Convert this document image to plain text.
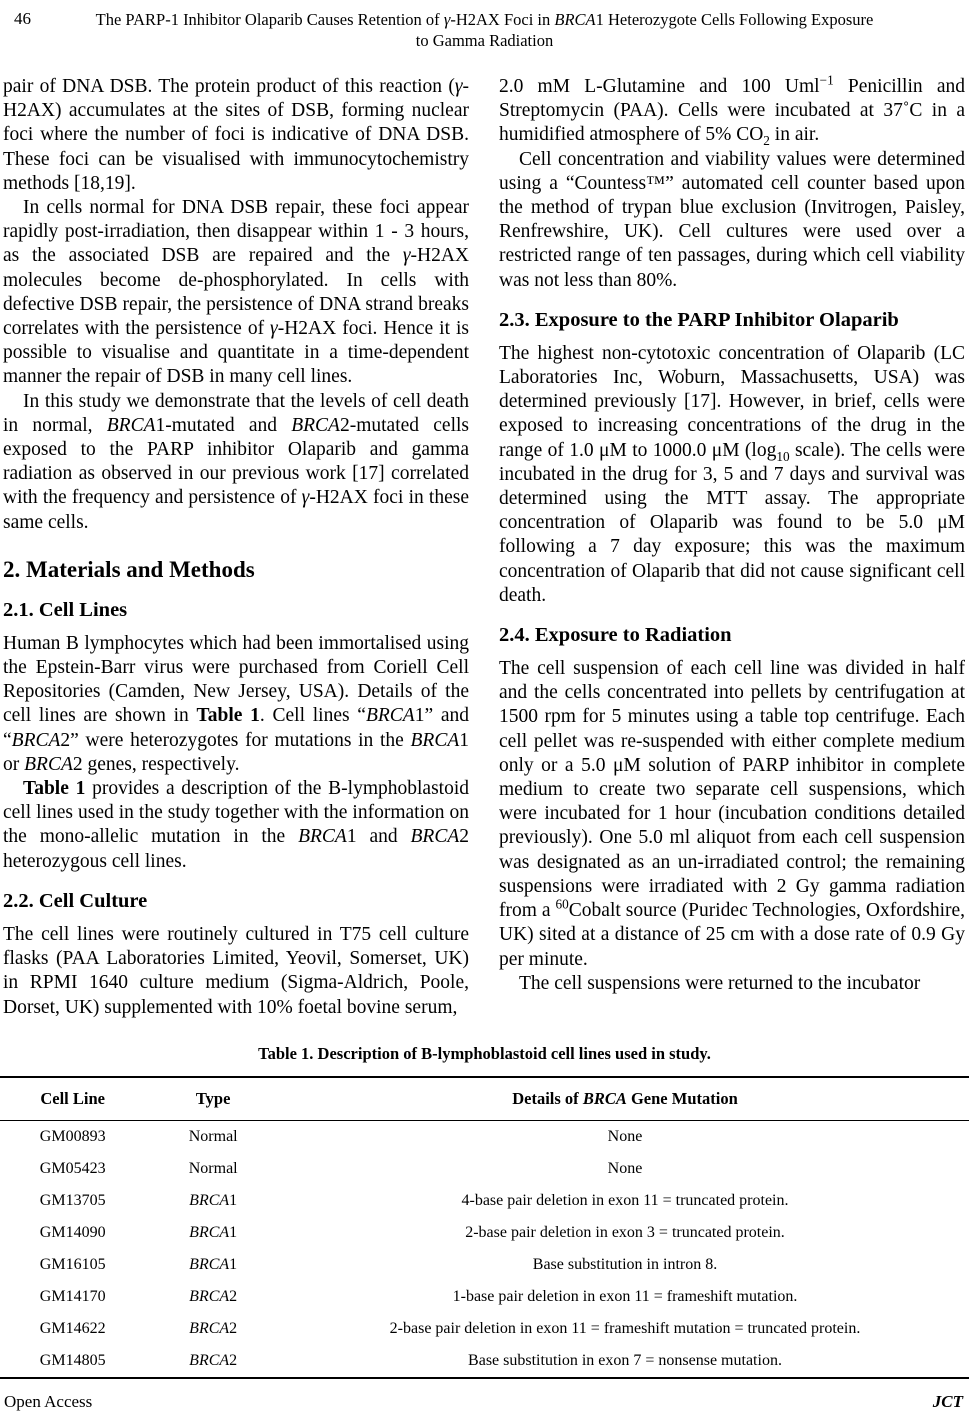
46	The PARP-1 Inhibitor Olaparib Causes Retention of γ-H2AX Foci in BRCA1 Heterozygote Cells Following Exposure to Gamma Radiation

pair of DNA DSB. The protein product of this reaction (γ-H2AX) accumulates at the sites of DSB, forming nuclear foci where the number of foci is indicative of DNA DSB. These foci can be visualised with immunocytochemistry methods [18,19].

In cells normal for DNA DSB repair, these foci appear rapidly post-irradiation, then disappear within 1 - 3 hours, as the associated DSB are repaired and the γ-H2AX molecules become de-phosphorylated. In cells with defective DSB repair, the persistence of DNA strand breaks correlates with the persistence of γ-H2AX foci. Hence it is possible to visualise and quantitate in a time-dependent manner the repair of DSB in many cell lines.

In this study we demonstrate that the levels of cell death in normal, BRCA1-mutated and BRCA2-mutated cells exposed to the PARP inhibitor Olaparib and gamma radiation as observed in our previous work [17] correlated with the frequency and persistence of γ-H2AX foci in these same cells.

2. Materials and Methods
2.1. Cell Lines

Human B lymphocytes which had been immortalised using the Epstein-Barr virus were purchased from Coriell Cell Repositories (Camden, New Jersey, USA). Details of the cell lines are shown in Table 1. Cell lines “BRCA1” and “BRCA2” were heterozygotes for mutations in the BRCA1 or BRCA2 genes, respectively.

Table 1 provides a description of the B-lymphoblastoid cell lines used in the study together with the information on the mono-allelic mutation in the BRCA1 and BRCA2 heterozygous cell lines.

2.2. Cell Culture

The cell lines were routinely cultured in T75 cell culture flasks (PAA Laboratories Limited, Yeovil, Somerset, UK) in RPMI 1640 culture medium (Sigma-Aldrich, Poole, Dorset, UK) supplemented with 10% foetal bovine serum,

2.0 mM L-Glutamine and 100 Uml$^{-1}$ Penicillin and Streptomycin (PAA). Cells were incubated at 37˚C in a humidified atmosphere of 5% $CO_2$ in air.

Cell concentration and viability values were determined using a “Countess™” automated cell counter based upon the method of trypan blue exclusion (Invitrogen, Paisley, Renfrewshire, UK). Cell cultures were used over a restricted range of ten passages, during which cell viability was not less than 80%.

2.3. Exposure to the PARP Inhibitor Olaparib

The highest non-cytotoxic concentration of Olaparib (LC Laboratories Inc, Woburn, Massachusetts, USA) was determined previously [17]. However, in brief, cells were exposed to increasing concentrations of the drug in the range of 1.0 μM to 1000.0 μM ($\log_{10}$ scale). The cells were incubated in the drug for 3, 5 and 7 days and survival was determined using the MTT assay. The appropriate concentration of Olaparib was found to be 5.0 μM following a 7 day exposure; this was the maximum concentration of Olaparib that did not cause significant cell death.

2.4. Exposure to Radiation

The cell suspension of each cell line was divided in half and the cells concentrated into pellets by centrifugation at 1500 rpm for 5 minutes using a table top centrifuge. Each cell pellet was re-suspended with either complete medium only or a 5.0 μM solution of PARP inhibitor in complete medium to create two separate cell suspensions, which were incubated for 1 hour (incubation conditions detailed previously). One 5.0 ml aliquot from each cell suspension was designated as an un-irradiated control; the remaining suspensions were irradiated with 2 Gy gamma radiation from a $^{60}$Cobalt source (Puridec Technologies, Oxfordshire, UK) sited at a distance of 25 cm with a dose rate of 0.9 Gy per minute.

The cell suspensions were returned to the incubator

Table 1. Description of B-lymphoblastoid cell lines used in study.

Cell Line	Type	Details of BRCA Gene Mutation
GM00893	Normal	None
GM05423	Normal	None
GM13705	BRCA1	4-base pair deletion in exon 11 = truncated protein.
GM14090	BRCA1	2-base pair deletion in exon 3 = truncated protein.
GM16105	BRCA1	Base substitution in intron 8.
GM14170	BRCA2	1-base pair deletion in exon 11 = frameshift mutation.
GM14622	BRCA2	2-base pair deletion in exon 11 = frameshift mutation = truncated protein.
GM14805	BRCA2	Base substitution in exon 7 = nonsense mutation.
Open Access	JCT
